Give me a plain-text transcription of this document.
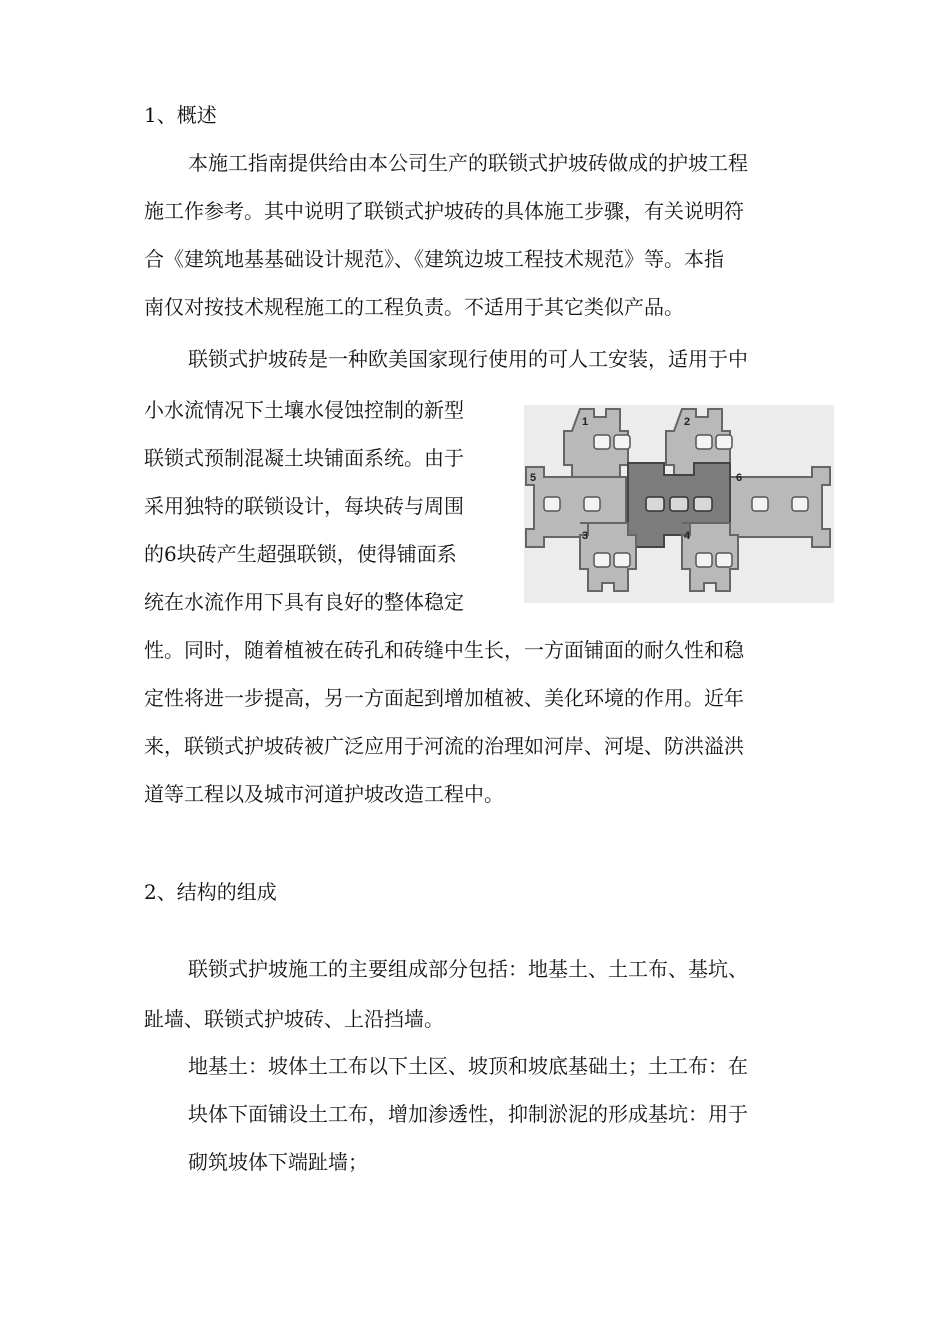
1、概述
本施工指南提供给由本公司生产的联锁式护坡砖做成的护坡工程
施工作参考。其中说明了联锁式护坡砖的具体施工步骤，有关说明符
合《建筑地基基础设计规范》、《建筑边坡工程技术规范》等。本指
南仅对按技术规程施工的工程负责。不适用于其它类似产品。
联锁式护坡砖是一种欧美国家现行使用的可人工安装，适用于中
小水流情况下土壤水侵蚀控制的新型
联锁式预制混凝土块铺面系统。由于
采用独特的联锁设计，每块砖与周围
的6块砖产生超强联锁，使得铺面系
统在水流作用下具有良好的整体稳定
性。同时，随着植被在砖孔和砖缝中生长，一方面铺面的耐久性和稳
定性将进一步提高，另一方面起到增加植被、美化环境的作用。近年
来，联锁式护坡砖被广泛应用于河流的治理如河岸、河堤、防洪溢洪
道等工程以及城市河道护坡改造工程中。
1	2
5	6
3	4
2、结构的组成
联锁式护坡施工的主要组成部分包括：地基土、土工布、基坑、
趾墙、联锁式护坡砖、上沿挡墙。
地基土：坡体土工布以下土区、坡顶和坡底基础土；土工布：在
块体下面铺设土工布，增加渗透性，抑制淤泥的形成基坑：用于
砌筑坡体下端趾墙；
